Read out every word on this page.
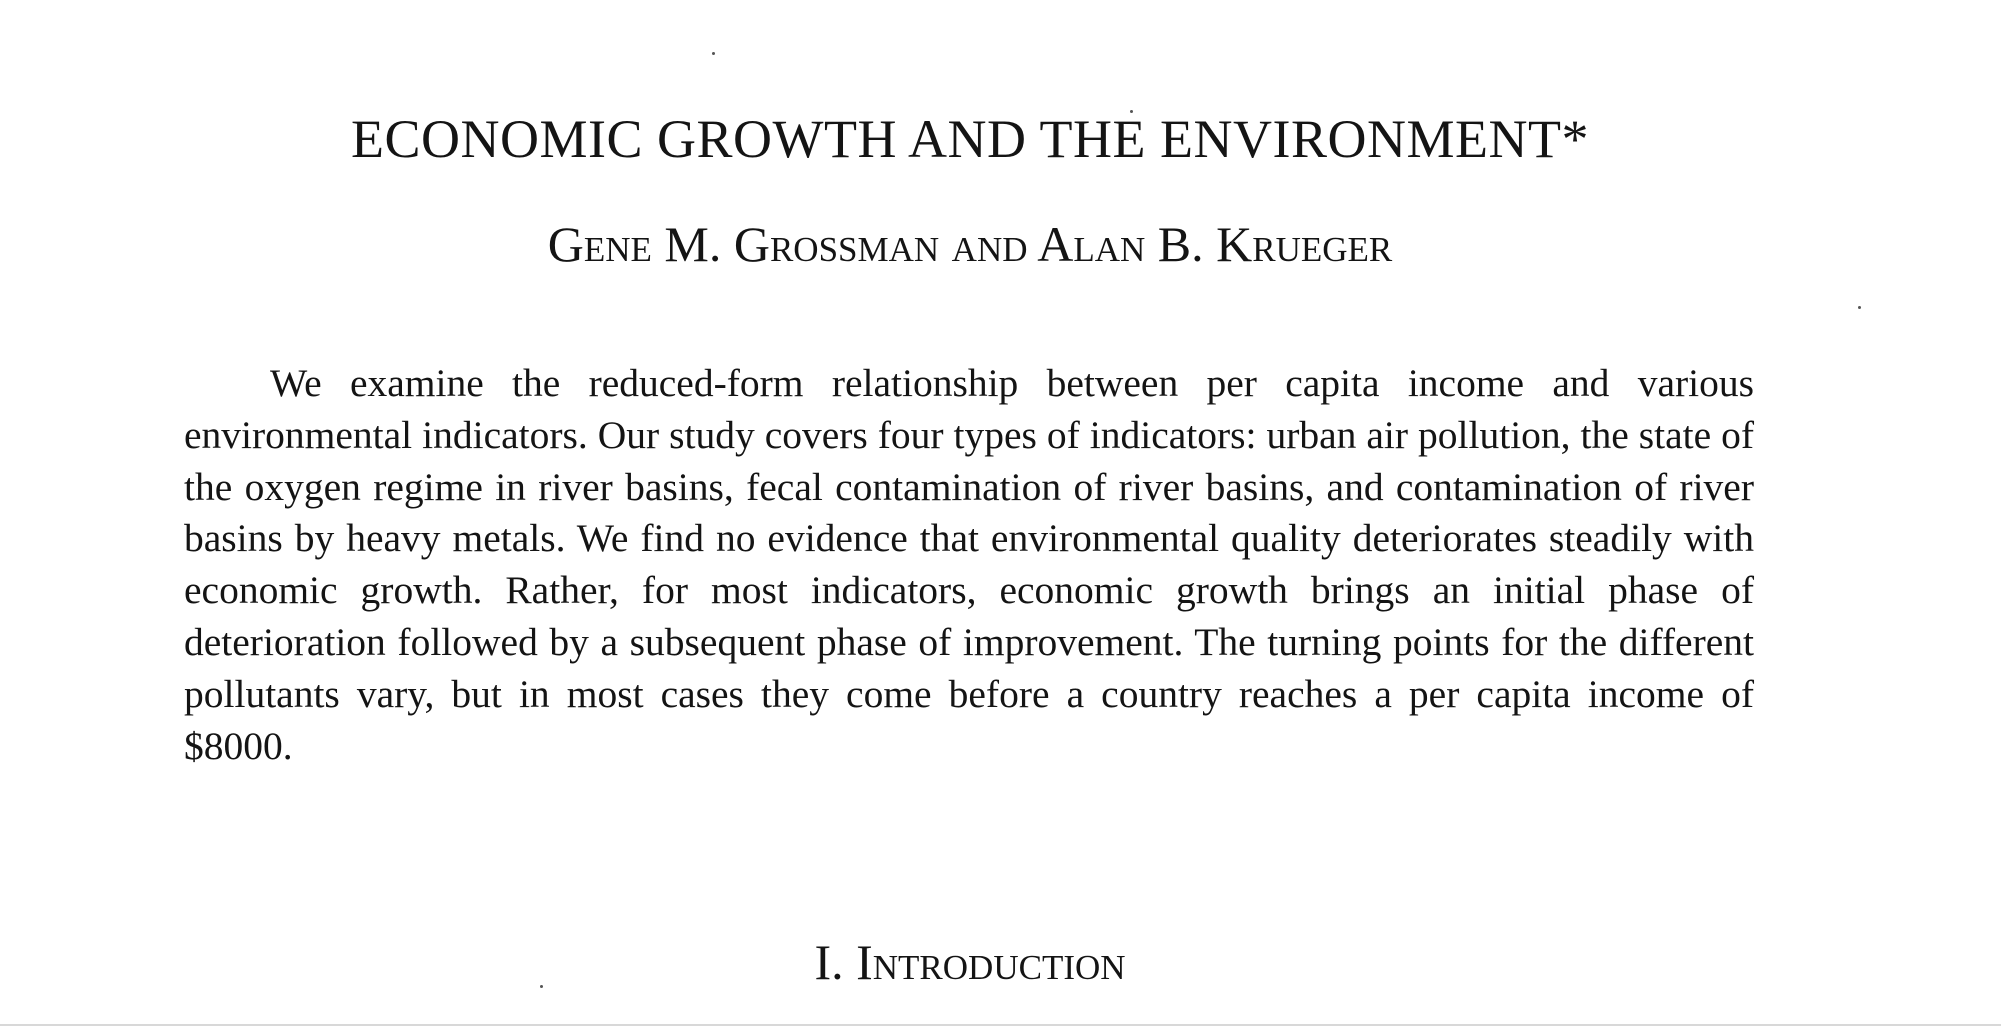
ECONOMIC GROWTH AND THE ENVIRONMENT*
Gene M. Grossman and Alan B. Krueger

We examine the reduced-form relationship between per capita income and various environmental indicators. Our study covers four types of indicators: urban air pollution, the state of the oxygen regime in river basins, fecal contamination of river basins, and contamination of river basins by heavy metals. We find no evidence that environmental quality deteriorates steadily with economic growth. Rather, for most indicators, economic growth brings an initial phase of deterioration followed by a subsequent phase of improvement. The turning points for the different pollutants vary, but in most cases they come before a country reaches a per capita income of $8000.

I. Introduction
